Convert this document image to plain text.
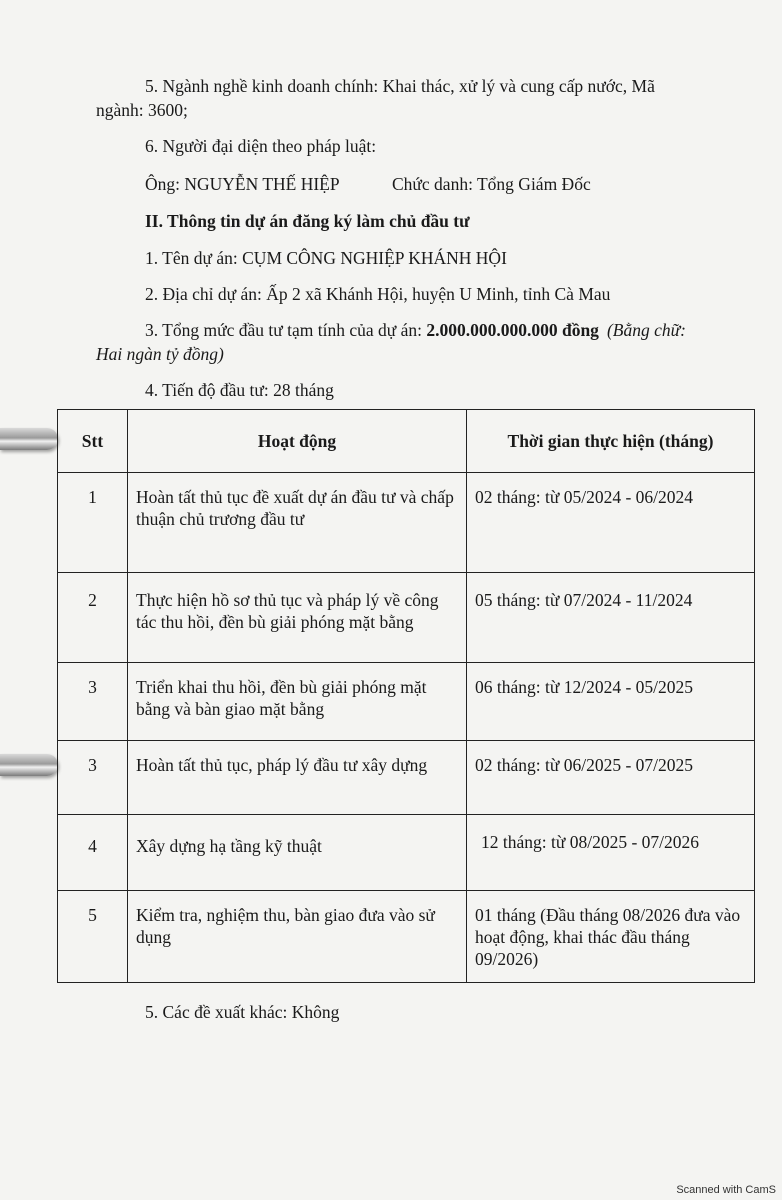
5. Ngành nghề kinh doanh chính: Khai thác, xử lý và cung cấp nước, Mã
ngành: 3600;
6. Người đại diện theo pháp luật:
Ông: NGUYỄN THẾ HIỆP	Chức danh: Tổng Giám Đốc
II. Thông tin dự án đăng ký làm chủ đầu tư
1. Tên dự án: CỤM CÔNG NGHIỆP KHÁNH HỘI
2. Địa chỉ dự án: Ấp 2 xã Khánh Hội, huyện U Minh, tỉnh Cà Mau
3. Tổng mức đầu tư tạm tính của dự án: 2.000.000.000.000 đồng (Bằng chữ:
Hai ngàn tỷ đồng)
4. Tiến độ đầu tư: 28 tháng
Stt	Hoạt động	Thời gian thực hiện (tháng)

1	Hoàn tất thủ tục đề xuất dự án đầu tư và chấp thuận chủ trương đầu tư	02 tháng: từ 05/2024 - 06/2024

2	Thực hiện hồ sơ thủ tục và pháp lý về công tác thu hồi, đền bù giải phóng mặt bằng	05 tháng: từ 07/2024 - 11/2024

3	Triển khai thu hồi, đền bù giải phóng mặt bằng và bàn giao mặt bằng	06 tháng: từ 12/2024 - 05/2025

3	Hoàn tất thủ tục, pháp lý đầu tư xây dựng	02 tháng: từ 06/2025 - 07/2025

4	Xây dựng hạ tầng kỹ thuật	12 tháng: từ 08/2025 - 07/2026

5	Kiểm tra, nghiệm thu, bàn giao đưa vào sử dụng	01 tháng (Đầu tháng 08/2026 đưa vào hoạt động, khai thác đầu tháng 09/2026)
5. Các đề xuất khác: Không
Scanned with CamS
